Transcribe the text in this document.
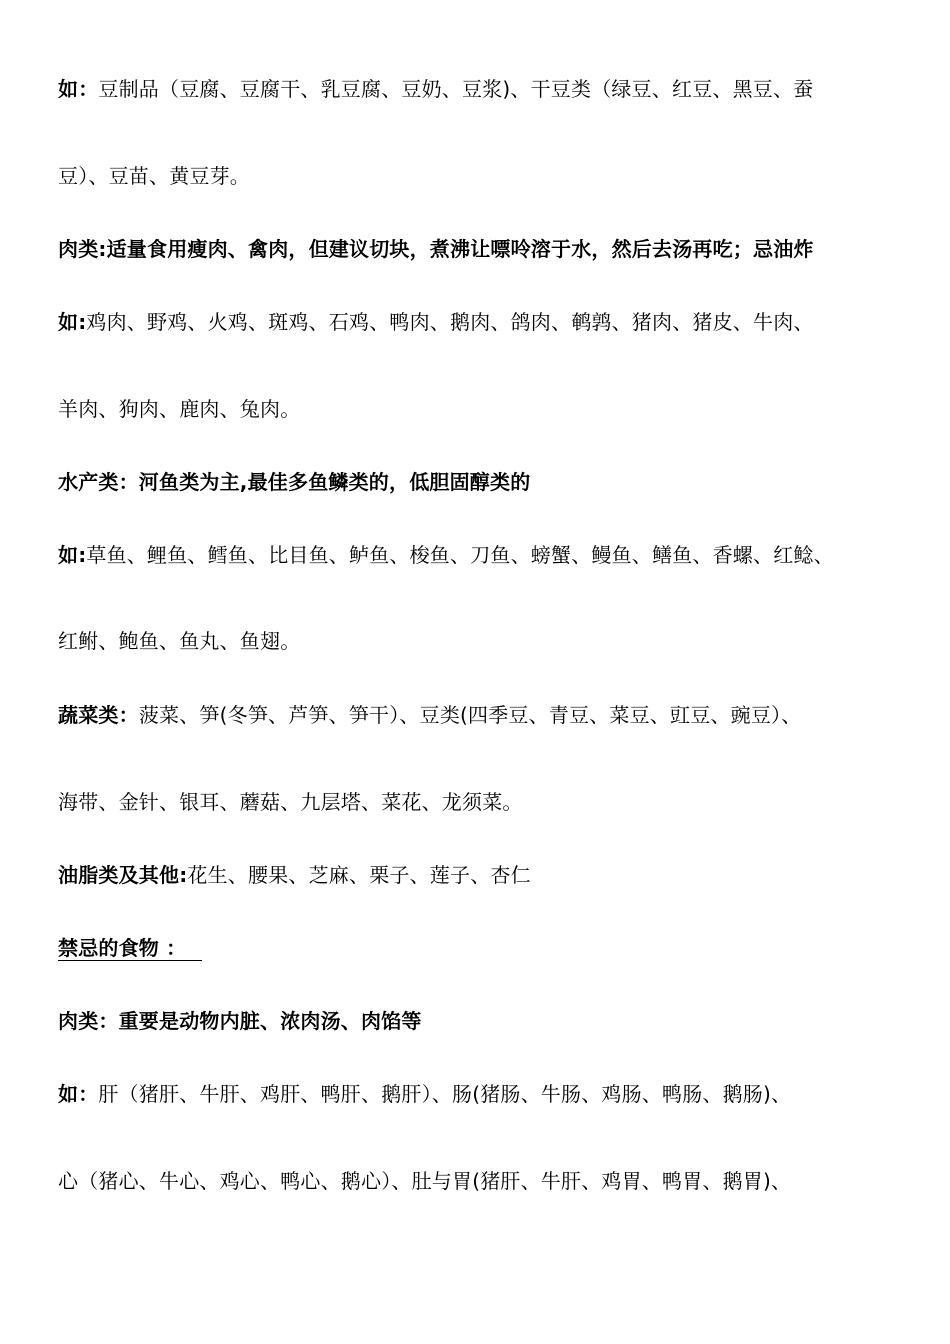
如：豆制品（豆腐、豆腐干、乳豆腐、豆奶、豆浆)、干豆类（绿豆、红豆、黑豆、蚕
豆）、豆苗、黄豆芽。
肉类:适量食用瘦肉、禽肉，但建议切块，煮沸让嘌呤溶于水，然后去汤再吃；忌油炸
如:鸡肉、野鸡、火鸡、斑鸡、石鸡、鸭肉、鹅肉、鸽肉、鹌鹑、猪肉、猪皮、牛肉、
羊肉、狗肉、鹿肉、兔肉。
水产类：河鱼类为主,最佳多鱼鳞类的，低胆固醇类的
如:草鱼、鲤鱼、鳕鱼、比目鱼、鲈鱼、梭鱼、刀鱼、螃蟹、鳗鱼、鳝鱼、香螺、红鲶、
红鲋、鲍鱼、鱼丸、鱼翅。
蔬菜类：菠菜、笋(冬笋、芦笋、笋干）、豆类(四季豆、青豆、菜豆、豇豆、豌豆）、
海带、金针、银耳、蘑菇、九层塔、菜花、龙须菜。
油脂类及其他:花生、腰果、芝麻、栗子、莲子、杏仁
禁忌的食物 ：
肉类：重要是动物内脏、浓肉汤、肉馅等
如：肝（猪肝、牛肝、鸡肝、鸭肝、鹅肝）、肠(猪肠、牛肠、鸡肠、鸭肠、鹅肠)、
心（猪心、牛心、鸡心、鸭心、鹅心）、肚与胃(猪肝、牛肝、鸡胃、鸭胃、鹅胃)、
